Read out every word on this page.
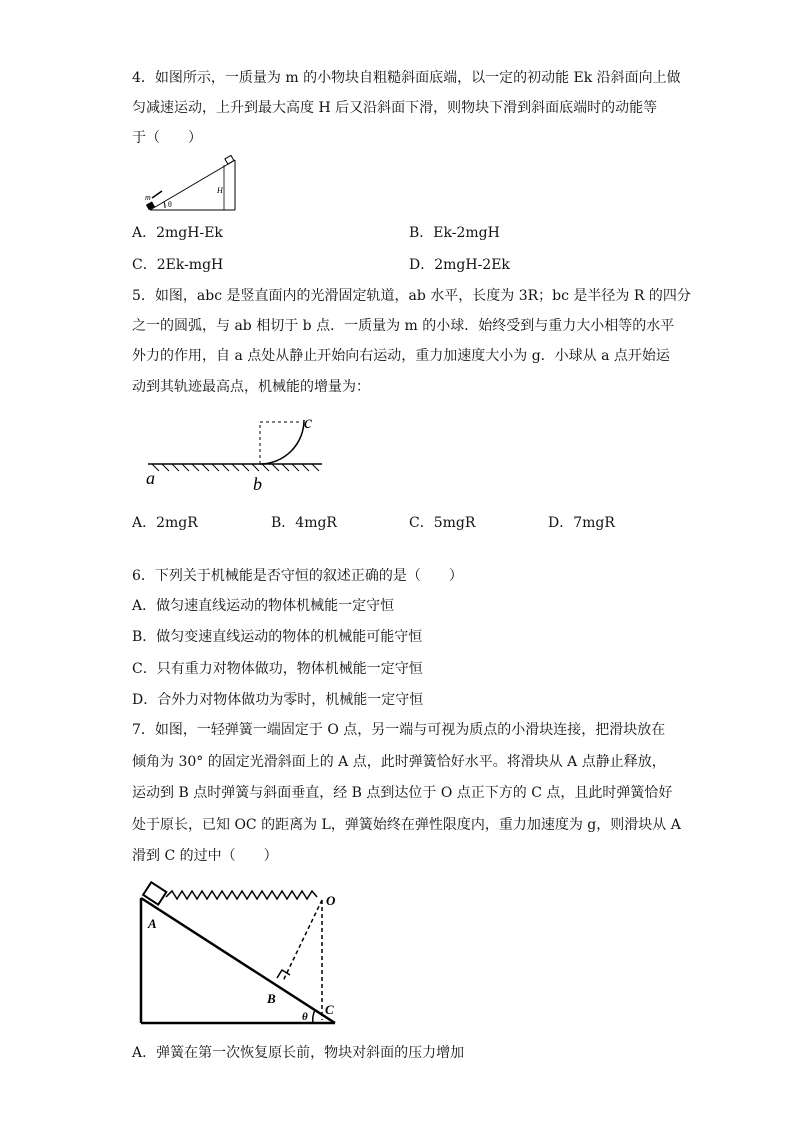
4．如图所示，一质量为 m 的小物块自粗糙斜面底端，以一定的初动能 Ek 沿斜面向上做
匀减速运动，上升到最大高度 H 后又沿斜面下滑，则物块下滑到斜面底端时的动能等
于（　　）
m
θ
H
A．2mgH-Ek	B．Ek-2mgH
C．2Ek-mgH	D．2mgH-2Ek
5．如图，abc 是竖直面内的光滑固定轨道，ab 水平，长度为 3R；bc 是半径为 R 的四分
之一的圆弧，与 ab 相切于 b 点．一质量为 m 的小球．始终受到与重力大小相等的水平
外力的作用，自 a 点处从静止开始向右运动，重力加速度大小为 g．小球从 a 点开始运
动到其轨迹最高点，机械能的增量为：
a	b
c
A．2mgR	B．4mgR	C．5mgR	D．7mgR
6．下列关于机械能是否守恒的叙述正确的是（　　）
A．做匀速直线运动的物体机械能一定守恒
B．做匀变速直线运动的物体的机械能可能守恒
C．只有重力对物体做功，物体机械能一定守恒
D．合外力对物体做功为零时，机械能一定守恒
7．如图，一轻弹簧一端固定于 O 点，另一端与可视为质点的小滑块连接，把滑块放在
倾角为 30° 的固定光滑斜面上的 A 点，此时弹簧恰好水平。将滑块从 A 点静止释放，
运动到 B 点时弹簧与斜面垂直，经 B 点到达位于 O 点正下方的 C 点，且此时弹簧恰好
处于原长，已知 OC 的距离为 L，弹簧始终在弹性限度内，重力加速度为 g，则滑块从 A
滑到 C 的过中（　　）
A
B
C
O
θ
A．弹簧在第一次恢复原长前，物块对斜面的压力增加
